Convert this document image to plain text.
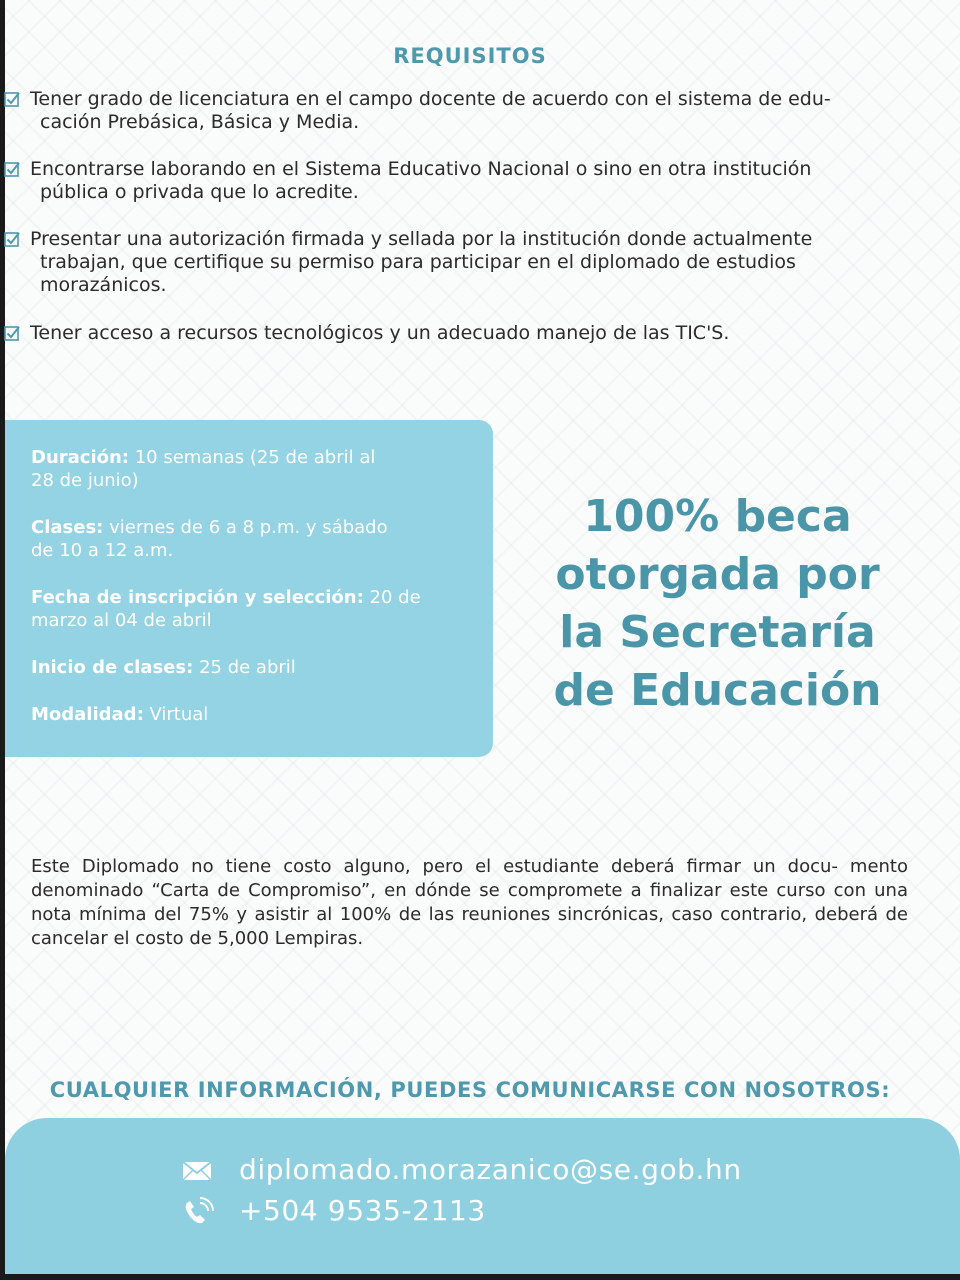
REQUISITOS
Tener grado de licenciatura en el campo docente de acuerdo con el sistema de edu-
cación Prebásica, Básica y Media.
Encontrarse laborando en el Sistema Educativo Nacional o sino en otra institución
pública o privada que lo acredite.
Presentar una autorización firmada y sellada por la institución donde actualmente
trabajan, que certifique su permiso para participar en el diplomado de estudios
morazánicos.
Tener acceso a recursos tecnológicos y un adecuado manejo de las TIC'S.
Duración: 10 semanas (25 de abril al
28 de junio)
Clases: viernes de 6 a 8 p.m. y sábado
de 10 a 12 a.m.
Fecha de inscripción y selección: 20 de
marzo al 04 de abril
Inicio de clases: 25 de abril
Modalidad: Virtual
100% beca
otorgada por
la Secretaría
de Educación
Este Diplomado no tiene costo alguno, pero el estudiante deberá firmar un docu- mento denominado “Carta de Compromiso”, en dónde se compromete a finalizar este curso con una nota mínima del 75% y asistir al 100% de las reuniones sincrónicas, caso contrario, deberá de cancelar el costo de 5,000 Lempiras.
CUALQUIER INFORMACIÓN, PUEDES COMUNICARSE CON NOSOTROS:
diplomado.morazanico@se.gob.hn
+504 9535-2113
